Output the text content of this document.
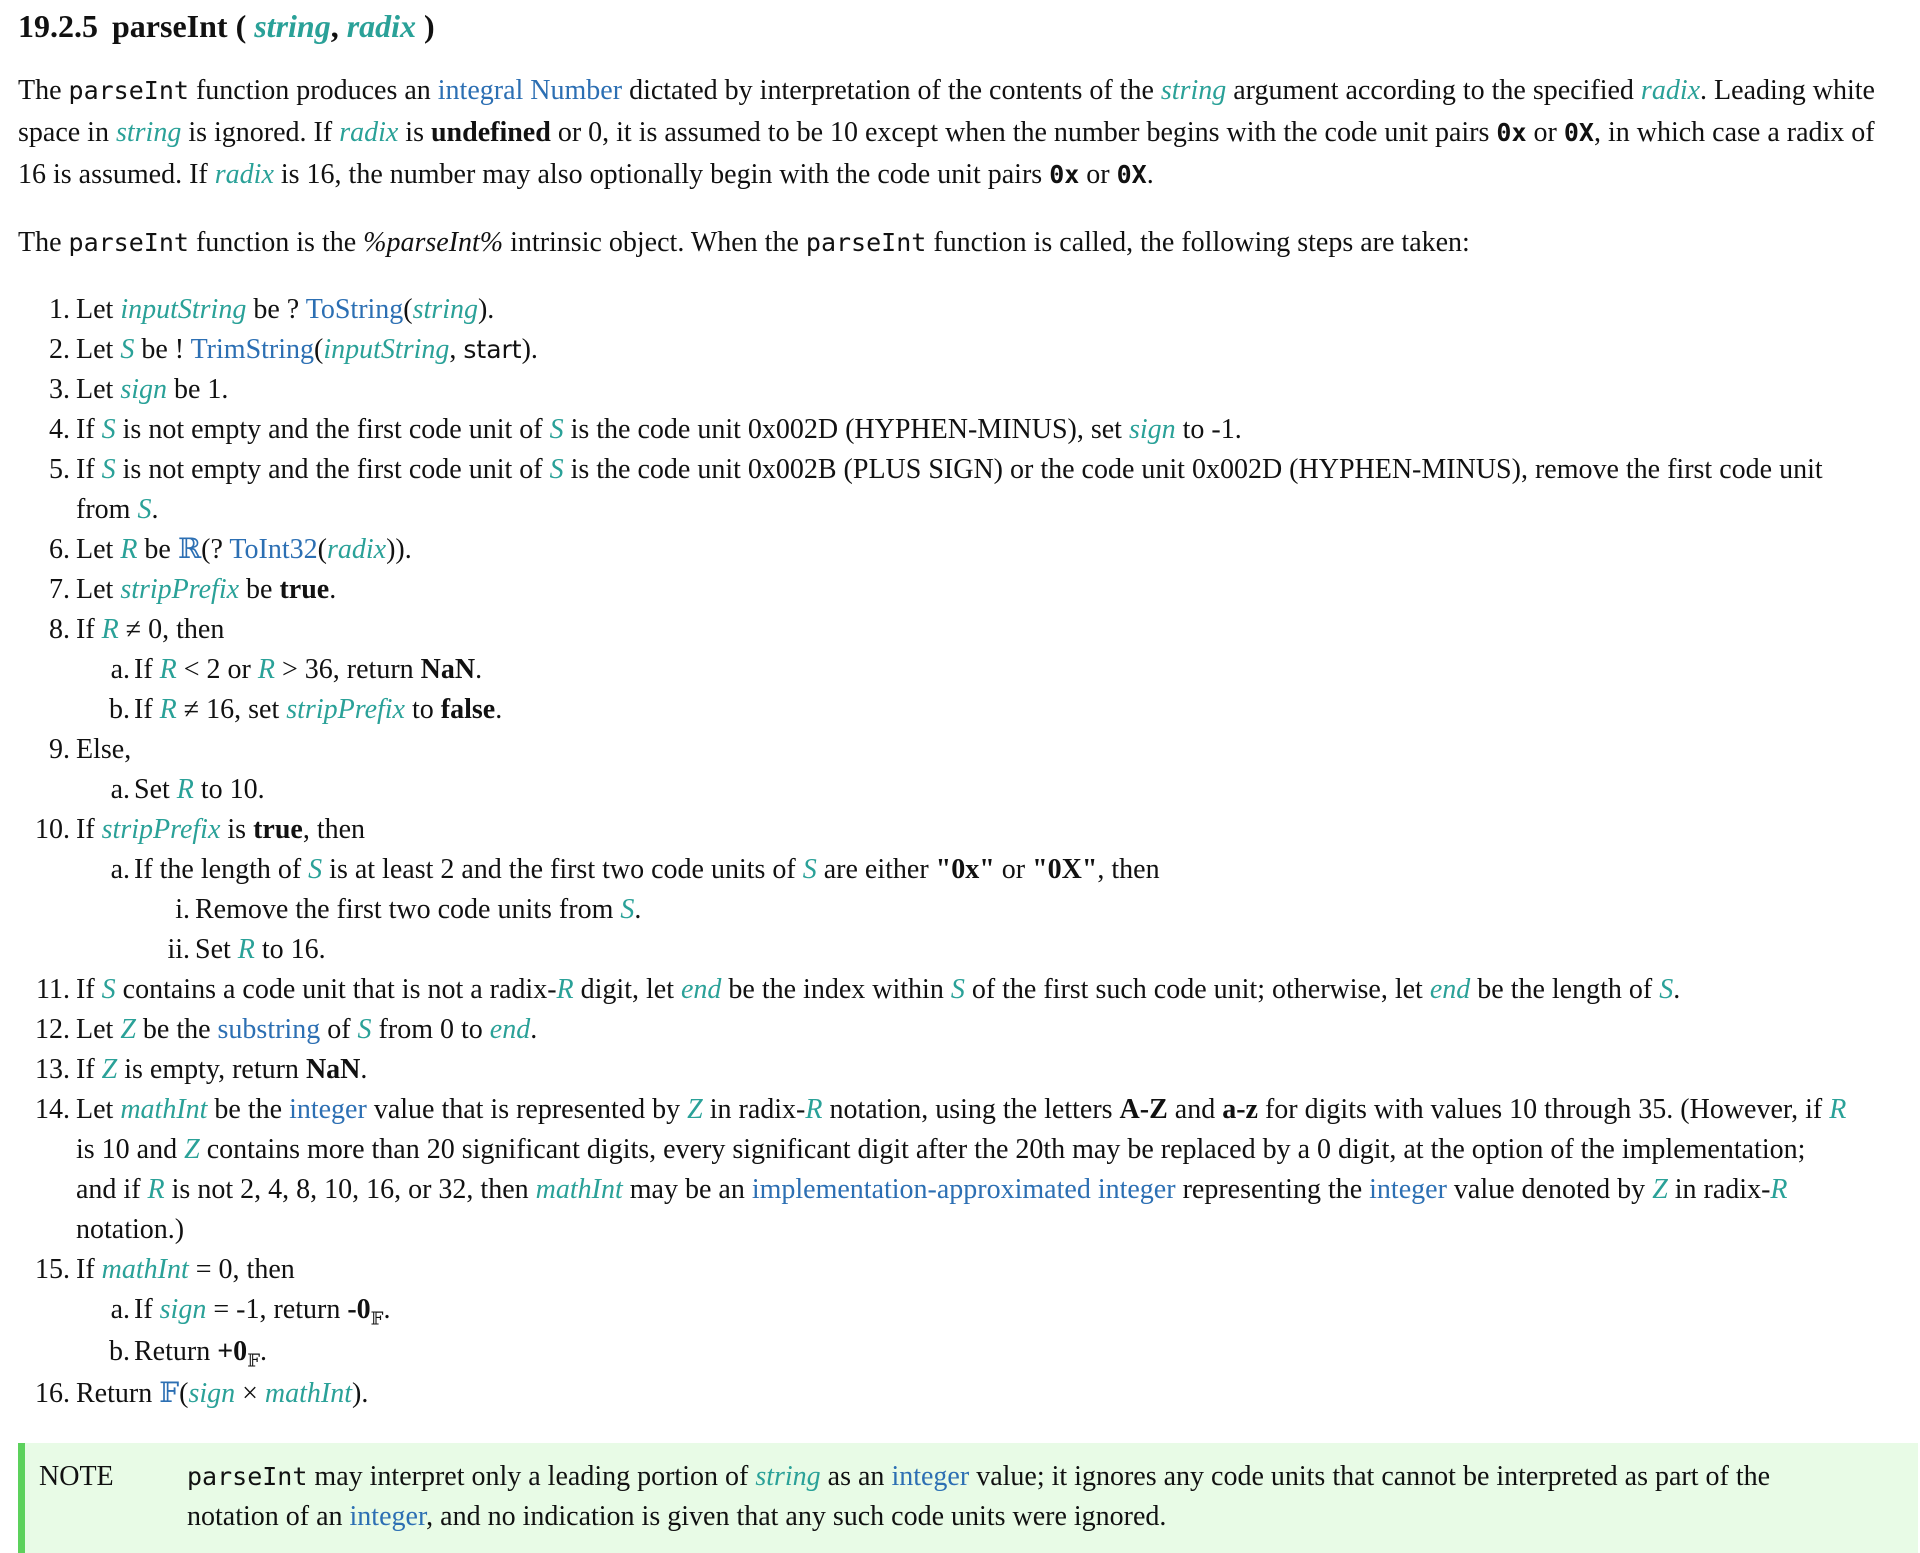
19.2.5 parseInt ( string, radix )
The parseInt function produces an integral Number dictated by interpretation of the contents of the string argument according to the specified radix. Leading white space in string is ignored. If radix is undefined or 0, it is assumed to be 10 except when the number begins with the code unit pairs 0x or 0X, in which case a radix of 16 is assumed. If radix is 16, the number may also optionally begin with the code unit pairs 0x or 0X.
The parseInt function is the %parseInt% intrinsic object. When the parseInt function is called, the following steps are taken:
1. Let inputString be ? ToString(string).
2. Let S be ! TrimString(inputString, start).
3. Let sign be 1.
4. If S is not empty and the first code unit of S is the code unit 0x002D (HYPHEN-MINUS), set sign to -1.
5. If S is not empty and the first code unit of S is the code unit 0x002B (PLUS SIGN) or the code unit 0x002D (HYPHEN-MINUS), remove the first code unit
from S.
6. Let R be ℝ(? ToInt32(radix)).
7. Let stripPrefix be true.
8. If R ≠ 0, then
a. If R < 2 or R > 36, return NaN.
b. If R ≠ 16, set stripPrefix to false.
9. Else,
a. Set R to 10.
10. If stripPrefix is true, then
a. If the length of S is at least 2 and the first two code units of S are either "0x" or "0X", then
i. Remove the first two code units from S.
ii. Set R to 16.
11. If S contains a code unit that is not a radix-R digit, let end be the index within S of the first such code unit; otherwise, let end be the length of S.
12. Let Z be the substring of S from 0 to end.
13. If Z is empty, return NaN.
14. Let mathInt be the integer value that is represented by Z in radix-R notation, using the letters A-Z and a-z for digits with values 10 through 35. (However, if R
is 10 and Z contains more than 20 significant digits, every significant digit after the 20th may be replaced by a 0 digit, at the option of the implementation;
and if R is not 2, 4, 8, 10, 16, or 32, then mathInt may be an implementation-approximated integer representing the integer value denoted by Z in radix-R
notation.)
15. If mathInt = 0, then
a. If sign = -1, return $-0_𝔽$.
b. Return $+0_𝔽$.
16. Return 𝔽(sign × mathInt).
NOTE	parseInt may interpret only a leading portion of string as an integer value; it ignores any code units that cannot be interpreted as part of the
notation of an integer, and no indication is given that any such code units were ignored.
